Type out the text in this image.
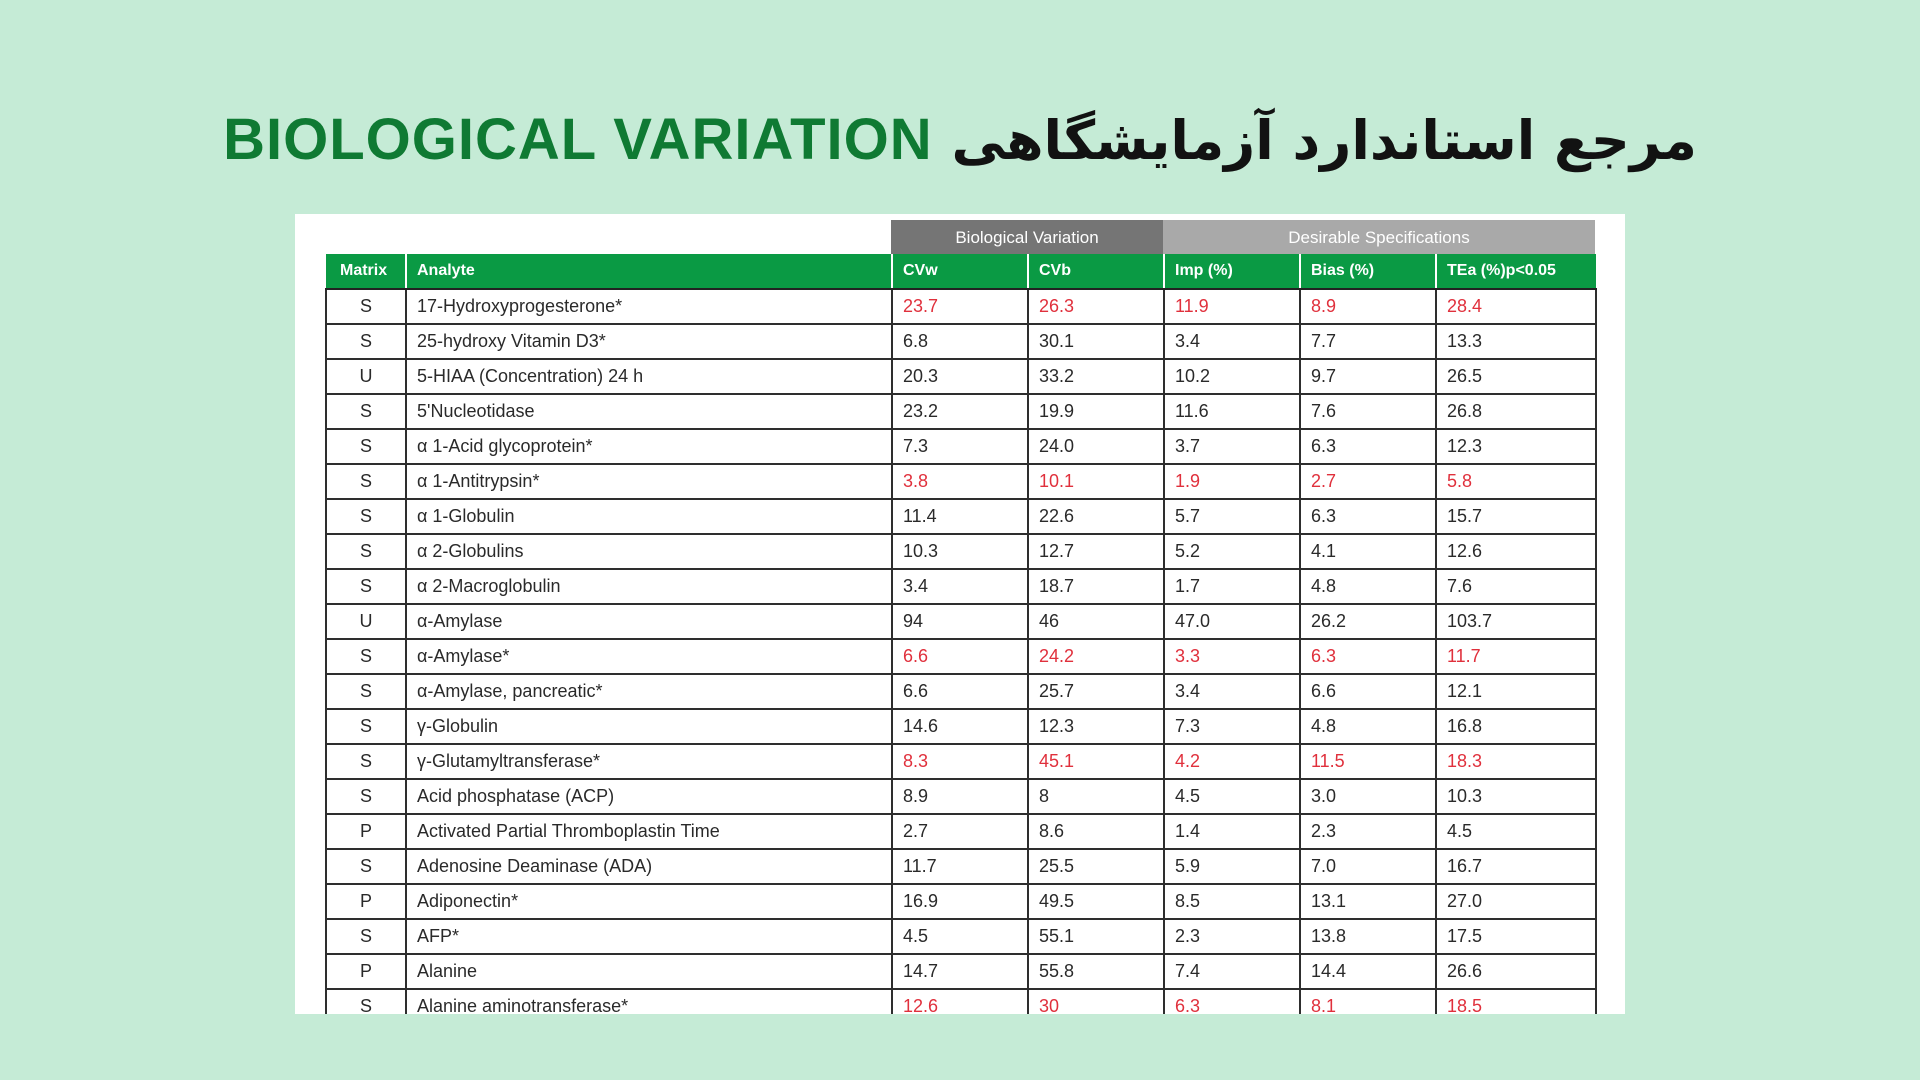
BIOLOGICAL VARIATION مرجع استاندارد آزمایشگاهی
Biological Variation	Desirable Specifications
Matrix	Analyte	CVw	CVb	Imp (%)	Bias (%)	TEa (%)p<0.05
S	17-Hydroxyprogesterone*	23.7	26.3	11.9	8.9	28.4
S	25-hydroxy Vitamin D3*	6.8	30.1	3.4	7.7	13.3
U	5-HIAA (Concentration) 24 h	20.3	33.2	10.2	9.7	26.5
S	5'Nucleotidase	23.2	19.9	11.6	7.6	26.8
S	α 1-Acid glycoprotein*	7.3	24.0	3.7	6.3	12.3
S	α 1-Antitrypsin*	3.8	10.1	1.9	2.7	5.8
S	α 1-Globulin	11.4	22.6	5.7	6.3	15.7
S	α 2-Globulins	10.3	12.7	5.2	4.1	12.6
S	α 2-Macroglobulin	3.4	18.7	1.7	4.8	7.6
U	α-Amylase	94	46	47.0	26.2	103.7
S	α-Amylase*	6.6	24.2	3.3	6.3	11.7
S	α-Amylase, pancreatic*	6.6	25.7	3.4	6.6	12.1
S	γ-Globulin	14.6	12.3	7.3	4.8	16.8
S	γ-Glutamyltransferase*	8.3	45.1	4.2	11.5	18.3
S	Acid phosphatase (ACP)	8.9	8	4.5	3.0	10.3
P	Activated Partial Thromboplastin Time	2.7	8.6	1.4	2.3	4.5
S	Adenosine Deaminase (ADA)	11.7	25.5	5.9	7.0	16.7
P	Adiponectin*	16.9	49.5	8.5	13.1	27.0
S	AFP*	4.5	55.1	2.3	13.8	17.5
P	Alanine	14.7	55.8	7.4	14.4	26.6
S	Alanine aminotransferase*	12.6	30	6.3	8.1	18.5
